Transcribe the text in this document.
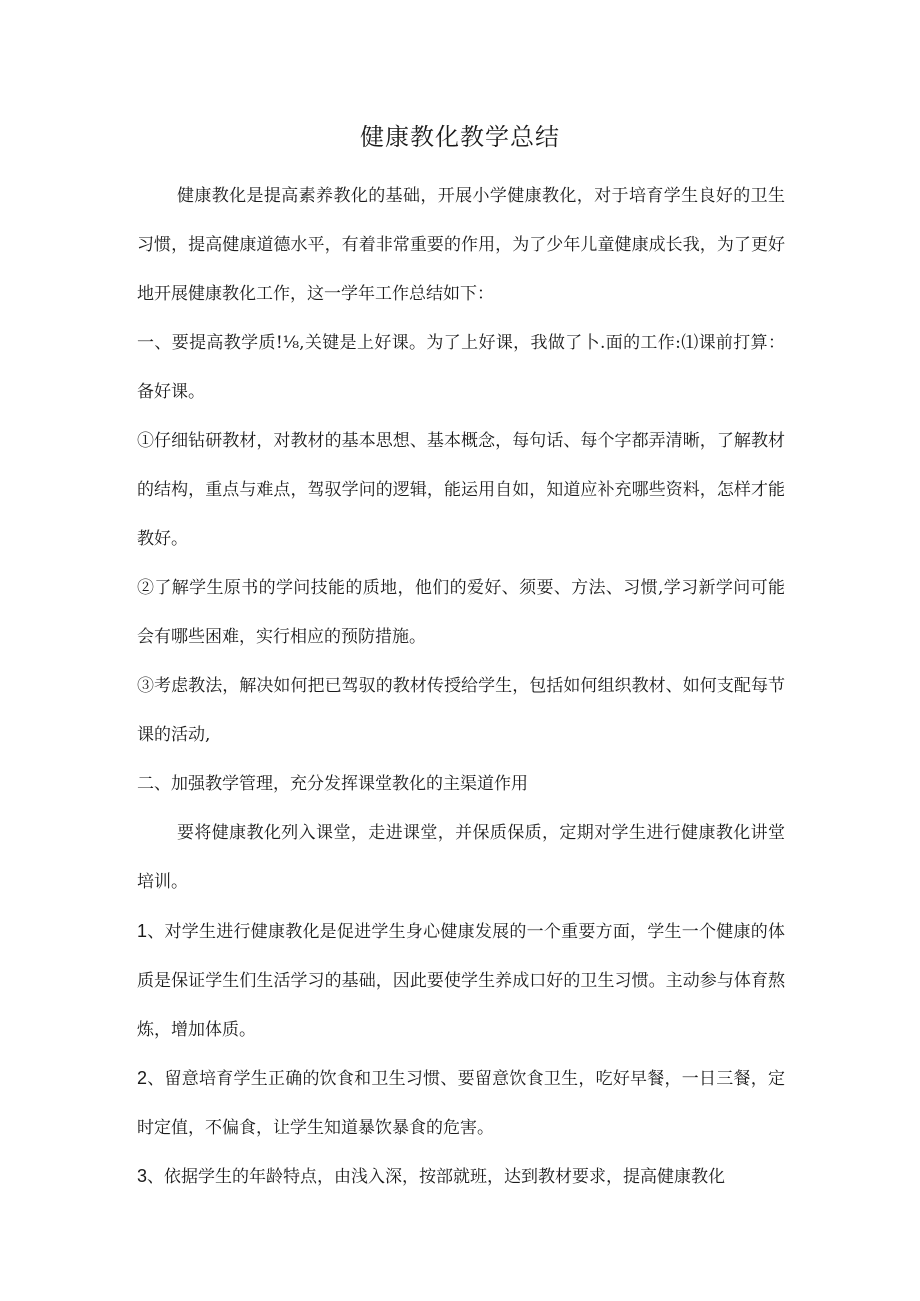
健康教化教学总结

健康教化是提高素养教化的基础，开展小学健康教化，对于培育学生良好的卫生习惯，提高健康道德水平，有着非常重要的作用，为了少年儿童健康成长我，为了更好地开展健康教化工作，这一学年工作总结如下：

一、要提高教学质!⅛,关键是上好课。为了上好课，我做了卜.面的工作:⑴课前打算：备好课。

①仔细钻研教材，对教材的基本思想、基本概念，每句话、每个字都弄清晰，了解教材的结构，重点与难点，驾驭学问的逻辑，能运用自如，知道应补充哪些资料，怎样才能教好。

②了解学生原书的学问技能的质地，他们的爱好、须要、方法、习惯,学习新学问可能会有哪些困难，实行相应的预防措施。

③考虑教法，解决如何把已驾驭的教材传授给学生，包括如何组织教材、如何支配每节课的活动,

二、加强教学管理，充分发挥课堂教化的主渠道作用

要将健康教化列入课堂，走进课堂，并保质保质，定期对学生进行健康教化讲堂培训。

1、对学生进行健康教化是促进学生身心健康发展的一个重要方面，学生一个健康的体质是保证学生们生活学习的基础，因此要使学生养成口好的卫生习惯。主动参与体育熬炼，增加体质。

2、留意培育学生正确的饮食和卫生习惯、要留意饮食卫生，吃好早餐，一日三餐，定时定值，不偏食，让学生知道暴饮暴食的危害。

3、依据学生的年龄特点，由浅入深，按部就班，达到教材要求，提高健康教化
